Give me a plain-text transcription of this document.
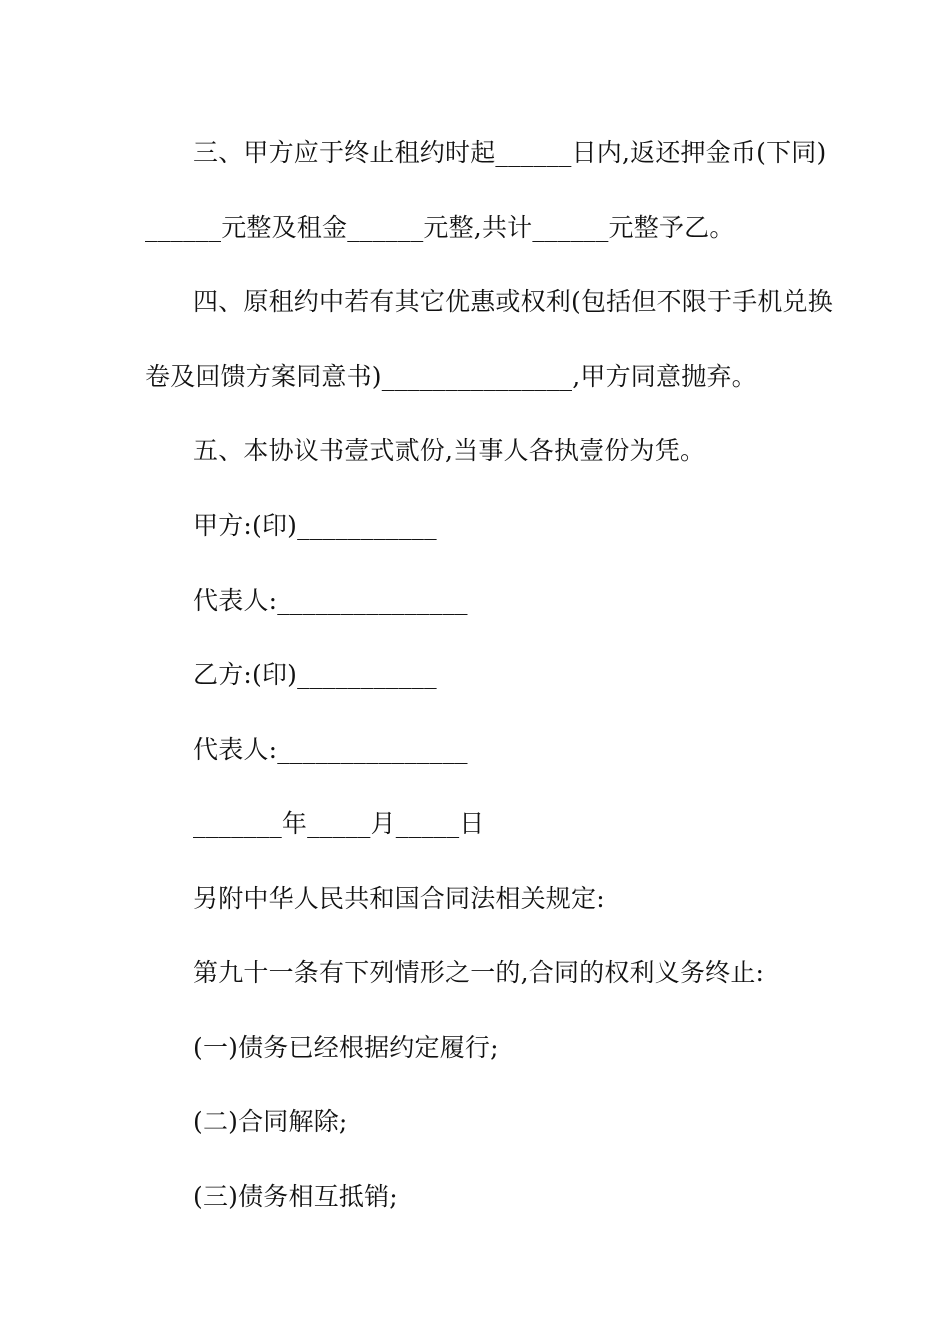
三、甲方应于终止租约时起______日内,返还押金币(下同)
______元整及租金______元整,共计______元整予乙。
四、原租约中若有其它优惠或权利(包括但不限于手机兑换
卷及回馈方案同意书)_______________,甲方同意抛弃。
五、本协议书壹式贰份,当事人各执壹份为凭。
甲方:(印)___________
代表人:_______________
乙方:(印)___________
代表人:_______________
_______年_____月_____日
另附中华人民共和国合同法相关规定:
第九十一条有下列情形之一的,合同的权利义务终止:
(一)债务已经根据约定履行;
(二)合同解除;
(三)债务相互抵销;
